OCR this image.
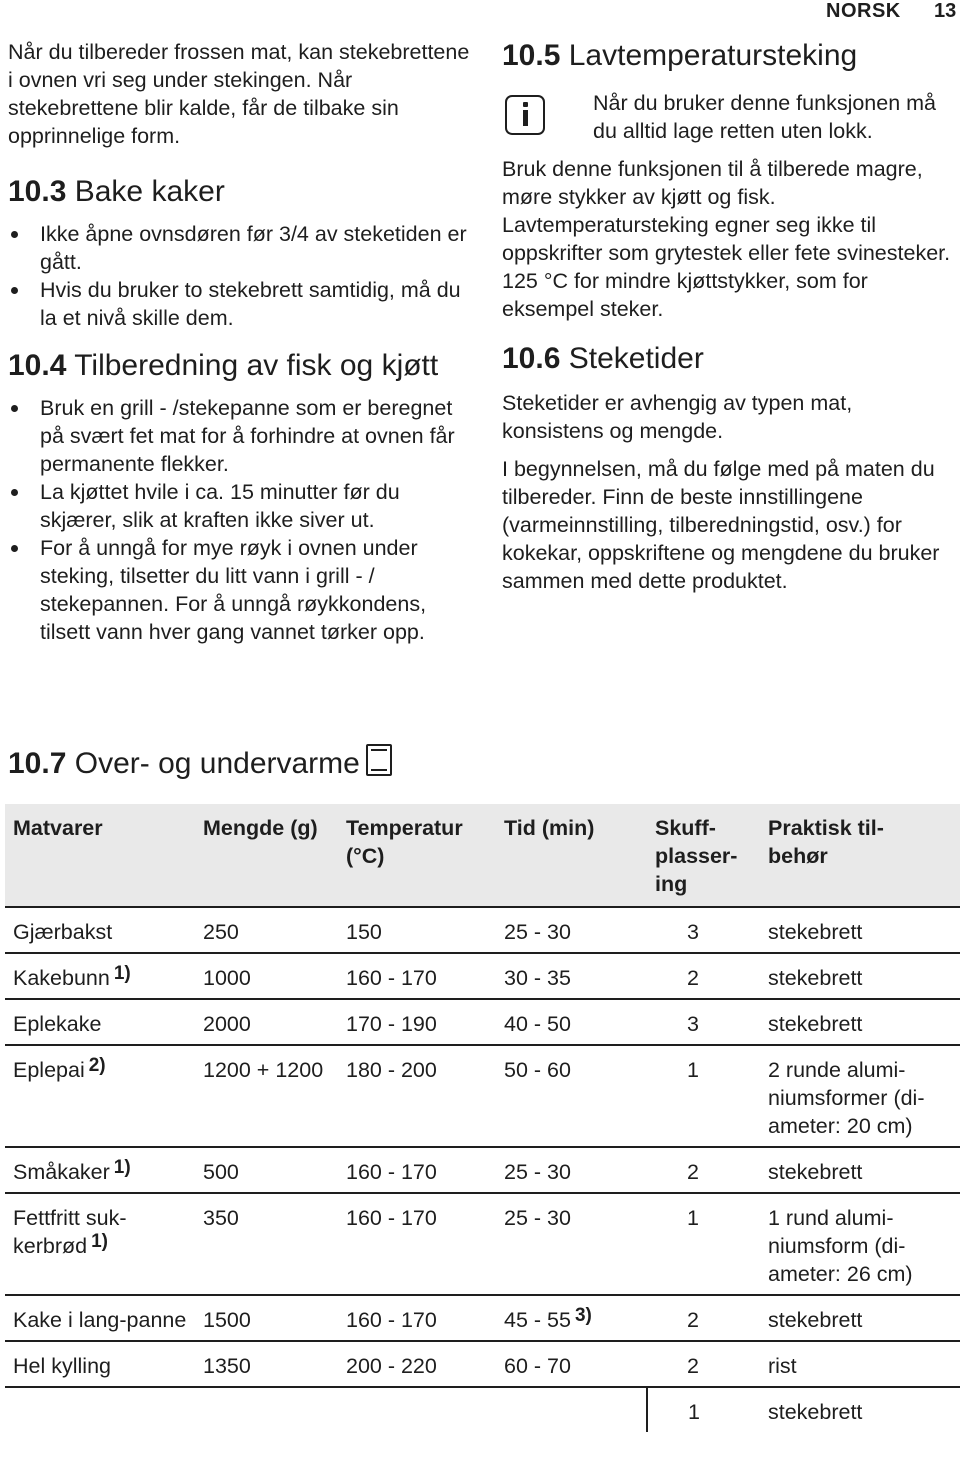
NORSK 13

Når du tilbereder frossen mat, kan stekebrettene i ovnen vri seg under stekingen. Når stekebrettene blir kalde, får de tilbake sin opprinnelige form.

10.3 Bake kaker
Ikke åpne ovnsdøren før 3/4 av steketiden er gått.
Hvis du bruker to stekebrett samtidig, må du la et nivå skille dem.
10.4 Tilberedning av fisk og kjøtt
Bruk en grill - /stekepanne som er beregnet på svært fet mat for å forhindre at ovnen får permanente flekker.
La kjøttet hvile i ca. 15 minutter før du skjærer, slik at kraften ikke siver ut.
For å unngå for mye røyk i ovnen under steking, tilsetter du litt vann i grill - / stekepannen. For å unngå røykkondens, tilsett vann hver gang vannet tørker opp.
10.5 Lavtemperatursteking

Når du bruker denne funksjonen må du alltid lage retten uten lokk.

Bruk denne funksjonen til å tilberede magre, møre stykker av kjøtt og fisk. Lavtemperatursteking egner seg ikke til oppskrifter som grytestek eller fete svinesteker. 125 °C for mindre kjøttstykker, som for eksempel steker.

10.6 Steketider

Steketider er avhengig av typen mat, konsistens og mengde.

I begynnelsen, må du følge med på maten du tilbereder. Finn de beste innstillingene (varmeinnstilling, tilberedningstid, osv.) for kokekar, oppskriftene og mengdene du bruker sammen med dette produktet.

10.7 Over- og undervarme
Matvarer	Mengde (g)	Temperatur (°C)	Tid (min)	Skuff-plasser-ing	Praktisk til-behør
Gjærbakst	250	150	25 - 30	3	stekebrett
Kakebunn $^{1)}$	1000	160 - 170	30 - 35	2	stekebrett
Eplekake	2000	170 - 190	40 - 50	3	stekebrett
Eplepai $^{2)}$	1200 + 1200	180 - 200	50 - 60	1	2 runde alumi-niumsformer (di-ameter: 20 cm)
Småkaker $^{1)}$	500	160 - 170	25 - 30	2	stekebrett
Fettfritt suk-kerbrød $^{1)}$	350	160 - 170	25 - 30	1	1 rund alumi-niumsform (di-ameter: 26 cm)
Kake i lang-panne	1500	160 - 170	45 - 55 $^{3)}$	2	stekebrett
Hel kylling	1350	200 - 220	60 - 70	2	rist
				1	stekebrett
